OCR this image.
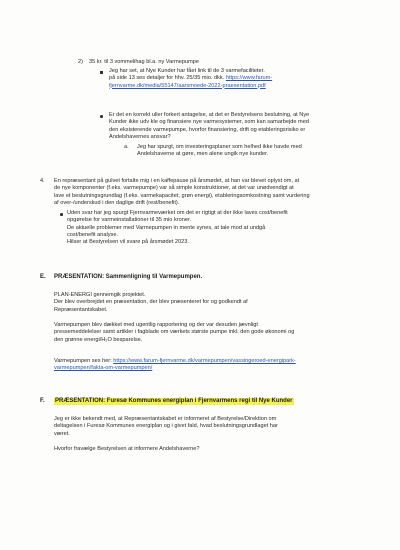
2) 35 kr. til 3 vommelihag bl.a. ny Varmepumpe
Jeg har set, at Nye Kunder har fået link til de 3 varmefaciliteter.
på side 13 ses detaljer for hhv. 25/35 mio. dkk. https://www.farum-
fjernvarme.dk/media/55147/aarsmoede-2022-praesentation.pdf
Er det en korrekt uller forkert antagelse, at det er Bestyrelsens beslutning, at Nye
Kunder ikke udv kle og finansiere nye varmesystemer, som kan samarbejde med
den eksisterende varmepumpe, hvorfor finansiering, drift og etableringsrisiko er
Andelshavernes ansvar?
a. Jeg har spurgt, om investeringsplaner som helhed ikke havde med
Andelshaverne at gøre, men alene ungik nye kunder.
4. En repræsentant på gulvet fortalte mig i en kaffepause på årsmødet, at han var blevet oplyst om, at
de nye komponenter (f.eks. varmepumpe) var så simple konstruktioner, at det var unødvendigt at
lave et beslutningsgrundlag (f.eks. varmekapacitet, grøn energi), etableringsomkostning samt vurdering
af over-/underskud i den daglige drift (rest/benefit).
Uden svar har jeg spurgt Fjernvarmeværket om det er rigtigt at der ikke laves cost/benefit
opgørelse for varmeinstallationer til 35 mio kroner.
De aktuelle problemer med Varmepumpen in mente synes, at tale mod at undgå
cost/benefit analyse.
Hilser at Bestyrelsen vil svare på årsmødet 2023.
E. PRÆSENTATION: Sammenligning til Varmepumpen.
PLAN-ENERGI gennemgik projektet.
Der blev overbrejdet en præsentation, der blev præsenteret for og godkendt af
Repræsentantskabet.
Varmepumpen blev dækket med ugentlig rapportering og der var desuden jævnligt
pressemeddelelser samt artikler i fagblade om værkets største pumpe inkl. den gode økonomi og
den grønne energi/H₂O besparelse.
Varmepumpen ses her: https://www.farum-fjernvarme.dk/varmepumpen/vassingeroed-energipark-
varmepumpen/fakta-om-varmepumpen/
F. PRÆSENTATION: Furesø Kommunes energiplan i Fjernvarmens regi til Nye Kunder
Jeg er ikke bekendt med, at Repræsentantskabet er informeret af Bestyrelse/Direktion om
deltagelsen i Furesø Kommunes energiplan og i givet fald, hvad beslutningsgrundlaget har
været.
Hvorfor fravælge Bestyrelsen at informere Andelshaverne?
